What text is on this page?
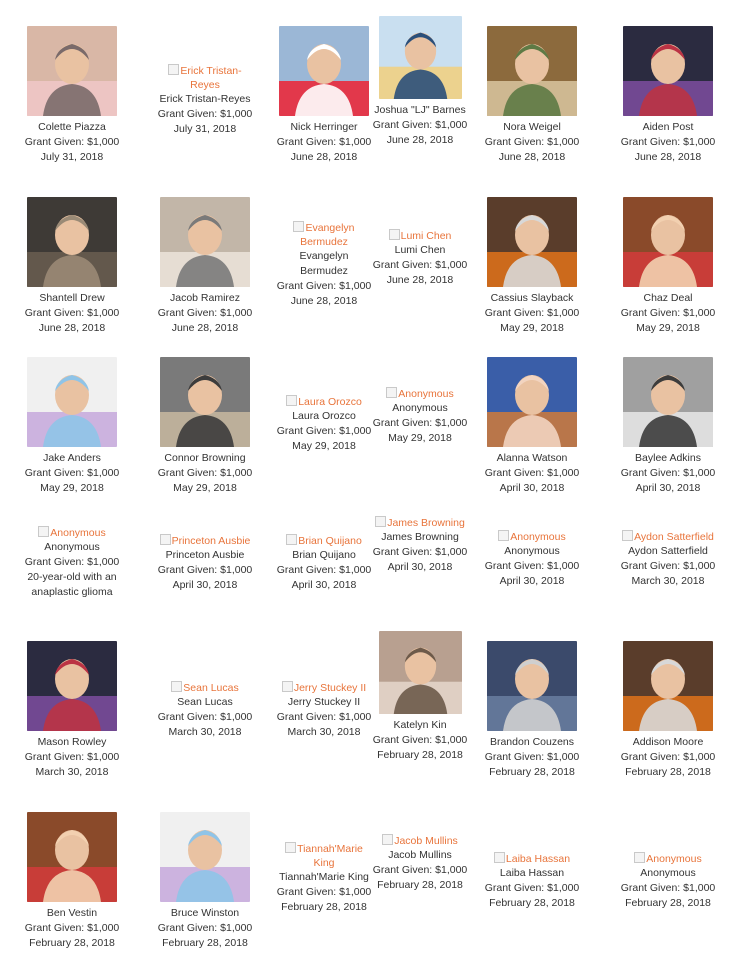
Colette Piazza
Grant Given: $1,000
July 31, 2018
Erick Tristan-Reyes
Erick Tristan-Reyes
Grant Given: $1,000
July 31, 2018	Nick Herringer
Grant Given: $1,000
June 28, 2018
Joshua "LJ" Barnes
Grant Given: $1,000
June 28, 2018
Nora Weigel
Grant Given: $1,000
June 28, 2018
Aiden Post
Grant Given: $1,000
June 28, 2018
Shantell Drew
Grant Given: $1,000
June 28, 2018
Jacob Ramirez
Grant Given: $1,000
June 28, 2018
Evangelyn Bermudez
Evangelyn Bermudez
Grant Given: $1,000
June 28, 2018
Lumi Chen
Lumi Chen
Grant Given: $1,000
June 28, 2018
Cassius Slayback
Grant Given: $1,000
May 29, 2018
Chaz Deal
Grant Given: $1,000
May 29, 2018
Jake Anders
Grant Given: $1,000
May 29, 2018
Connor Browning
Grant Given: $1,000
May 29, 2018
Laura Orozco
Laura Orozco
Grant Given: $1,000
May 29, 2018
Anonymous
Anonymous
Grant Given: $1,000
May 29, 2018
Alanna Watson
Grant Given: $1,000
April 30, 2018
Baylee Adkins
Grant Given: $1,000
April 30, 2018
Anonymous
Anonymous
Grant Given: $1,000
20-year-old with an anaplastic glioma
Princeton Ausbie
Princeton Ausbie
Grant Given: $1,000
April 30, 2018
Brian Quijano
Brian Quijano
Grant Given: $1,000
April 30, 2018
James Browning
James Browning
Grant Given: $1,000
April 30, 2018
Anonymous
Anonymous
Grant Given: $1,000
April 30, 2018
Aydon Satterfield
Aydon Satterfield
Grant Given: $1,000
March 30, 2018
Mason Rowley
Grant Given: $1,000
March 30, 2018
Sean Lucas
Sean Lucas
Grant Given: $1,000
March 30, 2018
Jerry Stuckey II
Jerry Stuckey II
Grant Given: $1,000
March 30, 2018
Katelyn Kin
Grant Given: $1,000
February 28, 2018
Brandon Couzens
Grant Given: $1,000
February 28, 2018
Addison Moore
Grant Given: $1,000
February 28, 2018
Ben Vestin
Grant Given: $1,000
February 28, 2018
Bruce Winston
Grant Given: $1,000
February 28, 2018
Tiannah'Marie King
Tiannah'Marie King
Grant Given: $1,000
February 28, 2018
Jacob Mullins
Jacob Mullins
Grant Given: $1,000
February 28, 2018
Laiba Hassan
Laiba Hassan
Grant Given: $1,000
February 28, 2018
Anonymous
Anonymous
Grant Given: $1,000
February 28, 2018
